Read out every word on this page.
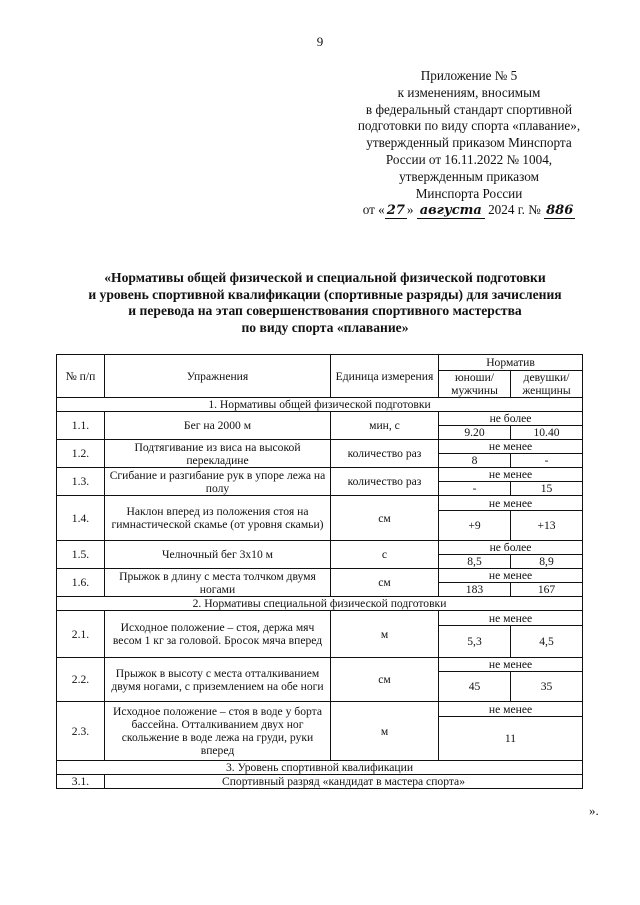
9
Приложение № 5
к изменениям, вносимым
в федеральный стандарт спортивной
подготовки по виду спорта «плавание»,
утвержденный приказом Минспорта
России от 16.11.2022 № 1004,
утвержденным приказом
Минспорта России
от « 27 » августа 2024 г. № 886
«Нормативы общей физической и специальной физической подготовки
и уровень спортивной квалификации (спортивные разряды) для зачисления
и перевода на этап совершенствования спортивного мастерства
по виду спорта «плавание»
№ п/п	Упражнения	Единица измерения	Норматив	
			юноши/ мужчины	девушки/ женщины
1. Нормативы общей физической подготовки				
1.1.	Бег на 2000 м	мин, с	не более	
			9.20	10.40
1.2.	Подтягивание из виса на высокой перекладине	количество раз	не менее	
			8	-
1.3.	Сгибание и разгибание рук в упоре лежа на полу	количество раз	не менее	
			-	15
1.4.	Наклон вперед из положения стоя на гимнастической скамье (от уровня скамьи)	см	не менее	
			+9	+13
1.5.	Челночный бег 3х10 м	с	не более	
			8,5	8,9
1.6.	Прыжок в длину с места толчком двумя ногами	см	не менее	
			183	167
2. Нормативы специальной физической подготовки				
2.1.	Исходное положение – стоя, держа мяч весом 1 кг за головой. Бросок мяча вперед	м	не менее	
			5,3	4,5
2.2.	Прыжок в высоту с места отталкиванием двумя ногами, с приземлением на обе ноги	см	не менее	
			45	35
2.3.	Исходное положение – стоя в воде у борта бассейна. Отталкиванием двух ног скольжение в воде лежа на груди, руки вперед	м	не менее	
			11	
3. Уровень спортивной квалификации				
3.1.	Спортивный разряд «кандидат в мастера спорта»			
».
